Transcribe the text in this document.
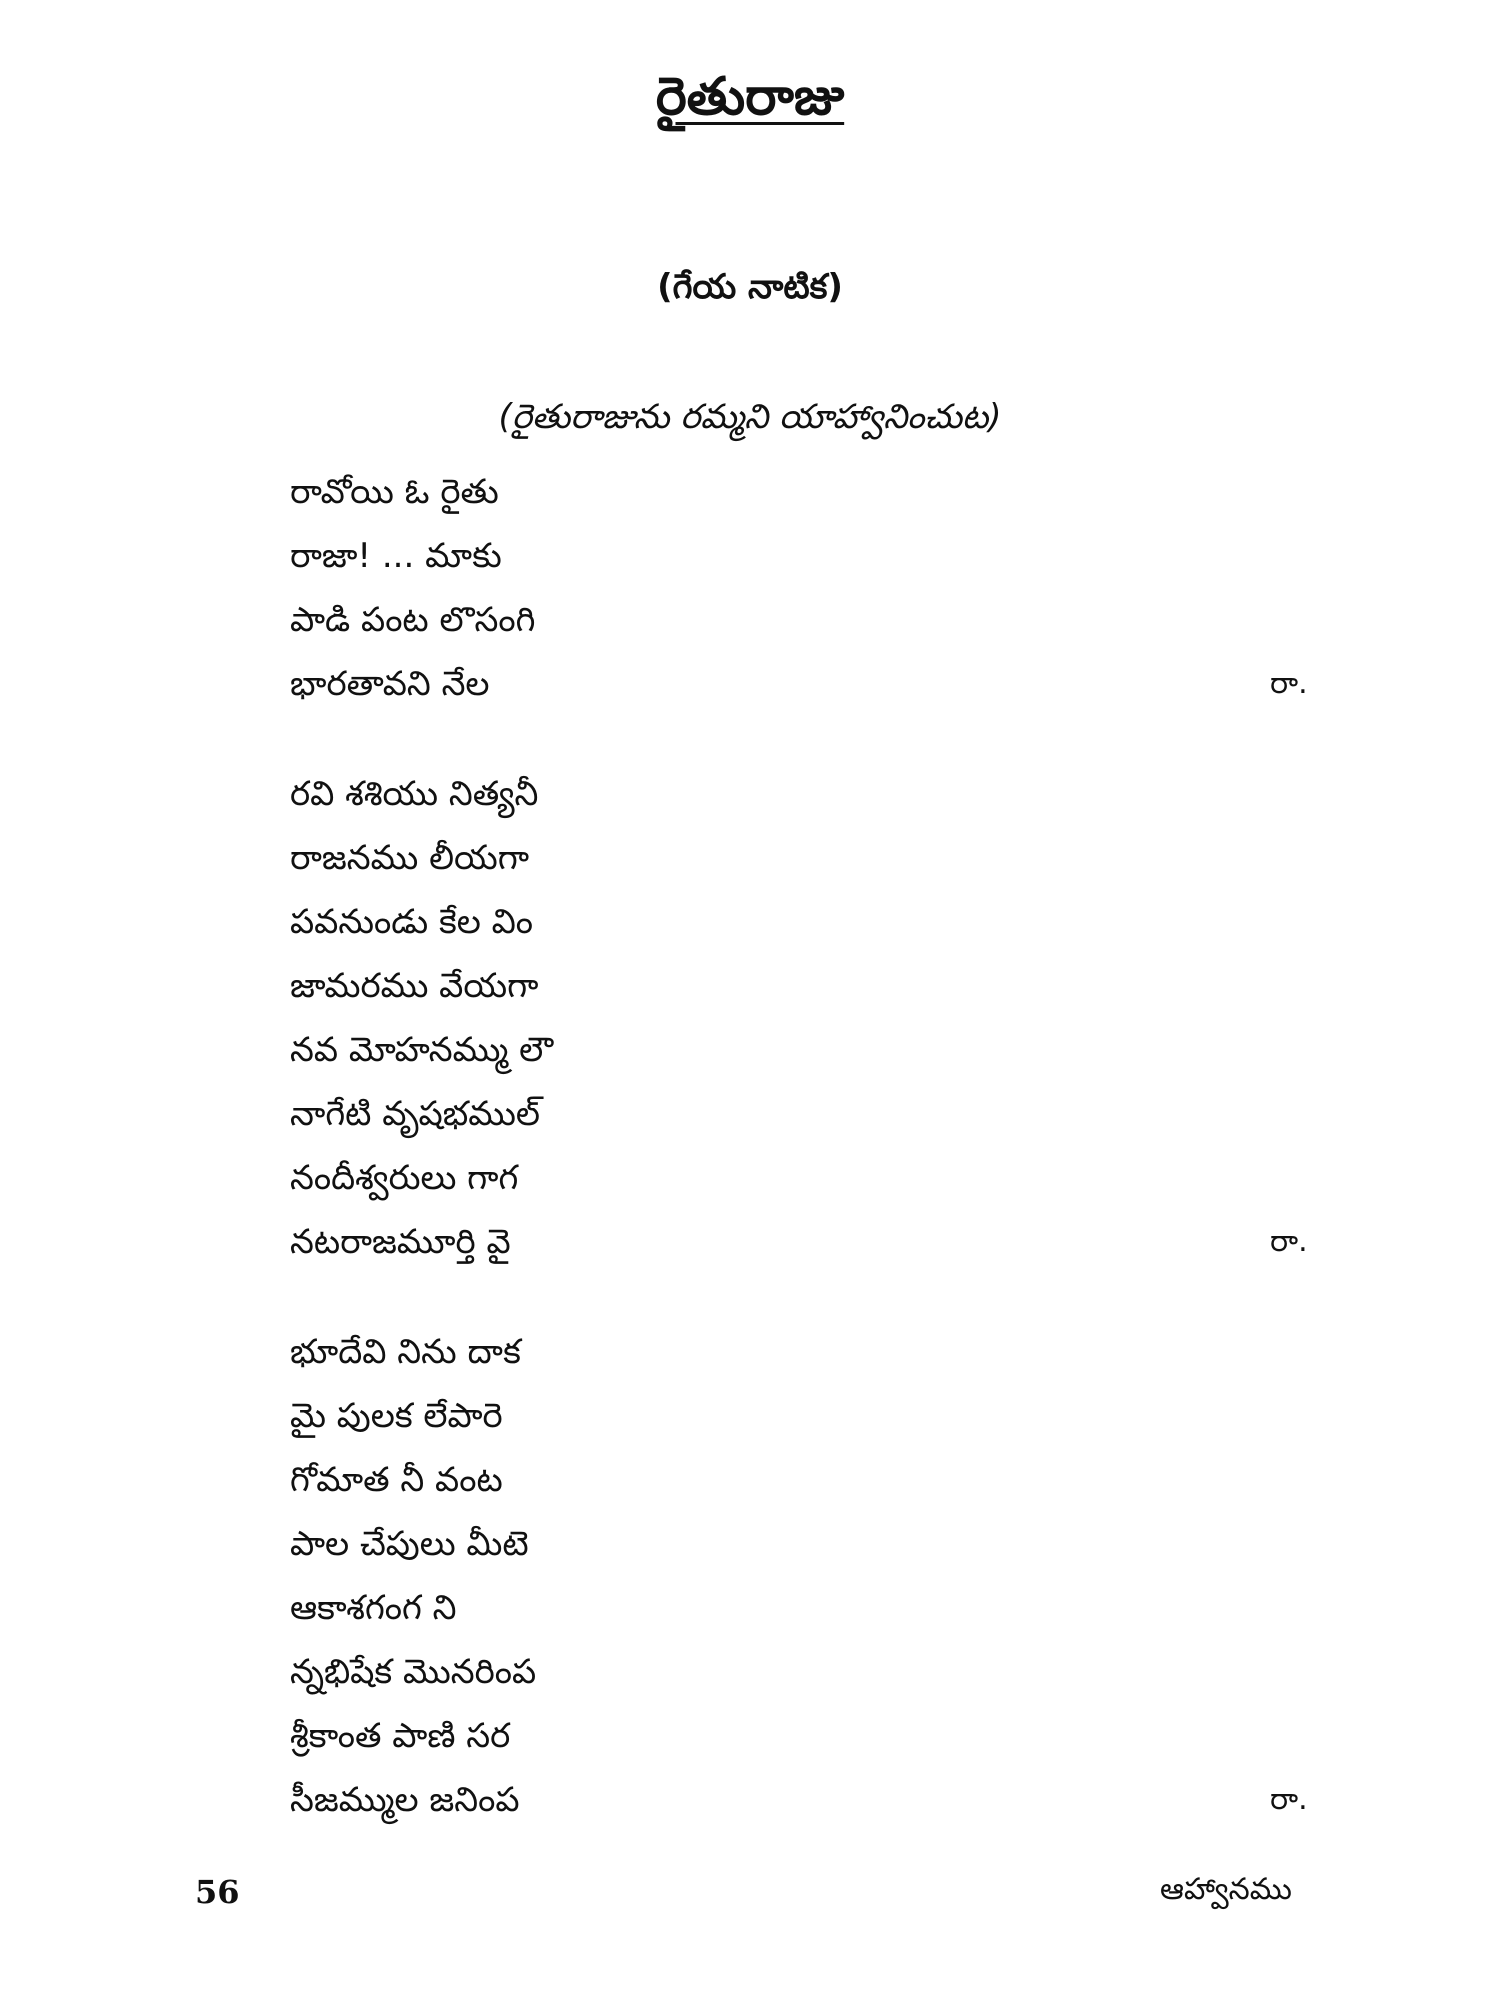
రైతురాజు
(గేయ నాటిక)
(రైతురాజును రమ్మని యాహ్వానించుట)
రావోయి ఓ రైతు
రాజా! ... మాకు
పాడి పంట లొసంగి
భారతావని నేల	రా.
రవి శశియు నిత్యనీ
రాజనము లీయగా
పవనుండు కేల విం
జామరము వేయగా
నవ మోహనమ్ము లౌ
నాగేటి వృషభముల్
నందీశ్వరులు గాగ
నటరాజమూర్తి వై	రా.
భూదేవి నిను దాక
మై పులక లేపారె
గోమాత నీ వంట
పాల చేపులు మీటె
ఆకాశగంగ ని
న్నభిషేక మొనరింప
శ్రీకాంత పాణి సర
సీజమ్ముల జనింప	రా.
56	ఆహ్వానము
